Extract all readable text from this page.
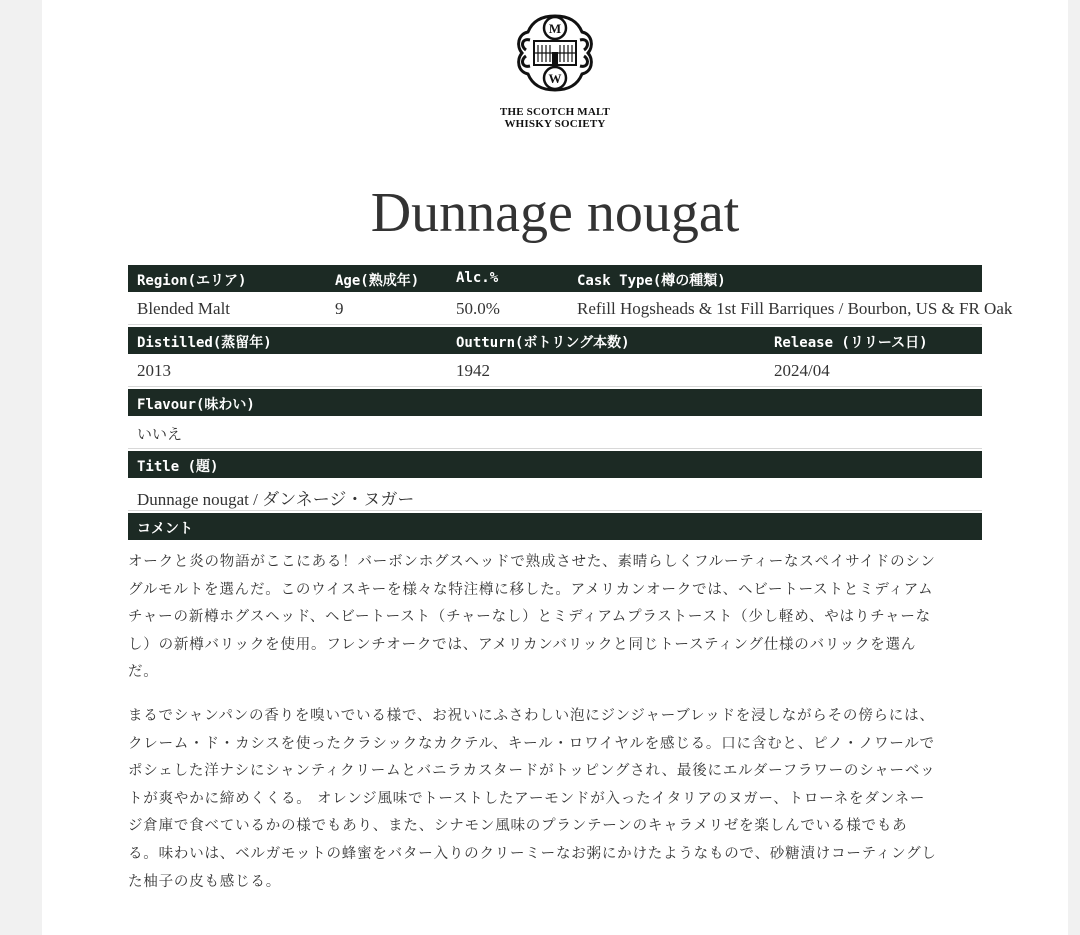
M
W
THE SCOTCH MALT
WHISKY SOCIETY
Dunnage nougat
Region(エリア)	Age(熟成年)	Alc.%	Cask Type(樽の種類)
Blended Malt	9	50.0%	Refill Hogsheads & 1st Fill Barriques / Bourbon, US & FR Oak
Distilled(蒸留年)	Outturn(ボトリング本数)	Release (リリース日)
2013	1942	2024/04
Flavour(味わい)
いいえ
Title (題)
Dunnage nougat / ダンネージ・ヌガー
コメント

オークと炎の物語がここにある！バーボンホグスヘッドで熟成させた、素晴らしくフルーティーなスペイサイドのシングルモルトを選んだ。このウイスキーを様々な特注樽に移した。アメリカンオークでは、ヘビートーストとミディアムチャーの新樽ホグスヘッド、ヘビートースト（チャーなし）とミディアムプラストースト（少し軽め、やはりチャーなし）の新樽バリックを使用。フレンチオークでは、アメリカンバリックと同じトースティング仕様のバリックを選んだ。

まるでシャンパンの香りを嗅いでいる様で、お祝いにふさわしい泡にジンジャーブレッドを浸しながらその傍らには、クレーム・ド・カシスを使ったクラシックなカクテル、キール・ロワイヤルを感じる。口に含むと、ピノ・ノワールでポシェした洋ナシにシャンティクリームとバニラカスタードがトッピングされ、最後にエルダーフラワーのシャーベットが爽やかに締めくくる。 オレンジ風味でトーストしたアーモンドが入ったイタリアのヌガー、トローネをダンネージ倉庫で食べているかの様でもあり、また、シナモン風味のプランテーンのキャラメリゼを楽しんでいる様でもある。味わいは、ベルガモットの蜂蜜をバター入りのクリーミーなお粥にかけたようなもので、砂糖漬けコーティングした柚子の皮も感じる。
